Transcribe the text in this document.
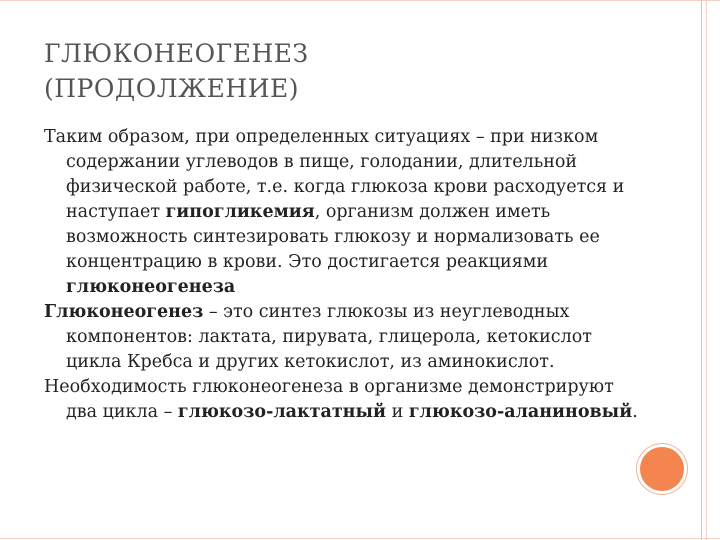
ГЛЮКОНЕОГЕНЕЗ
(ПРОДОЛЖЕНИЕ)

Таким образом, при определенных ситуациях – при низком содержании углеводов в пище, голодании, длительной физической работе, т.е. когда глюкоза крови расходуется и наступает гипогликемия, организм должен иметь возможность синтезировать глюкозу и нормализовать ее концентрацию в крови. Это достигается реакциями глюконеогенеза

Глюконеогенез – это синтез глюкозы из неуглеводных компонентов: лактата, пирувата, глицерола, кетокислот цикла Кребса и других кетокислот, из аминокислот.

Необходимость глюконеогенеза в организме демонстрируют два цикла – глюкозо-лактатный и глюкозо-аланиновый.
